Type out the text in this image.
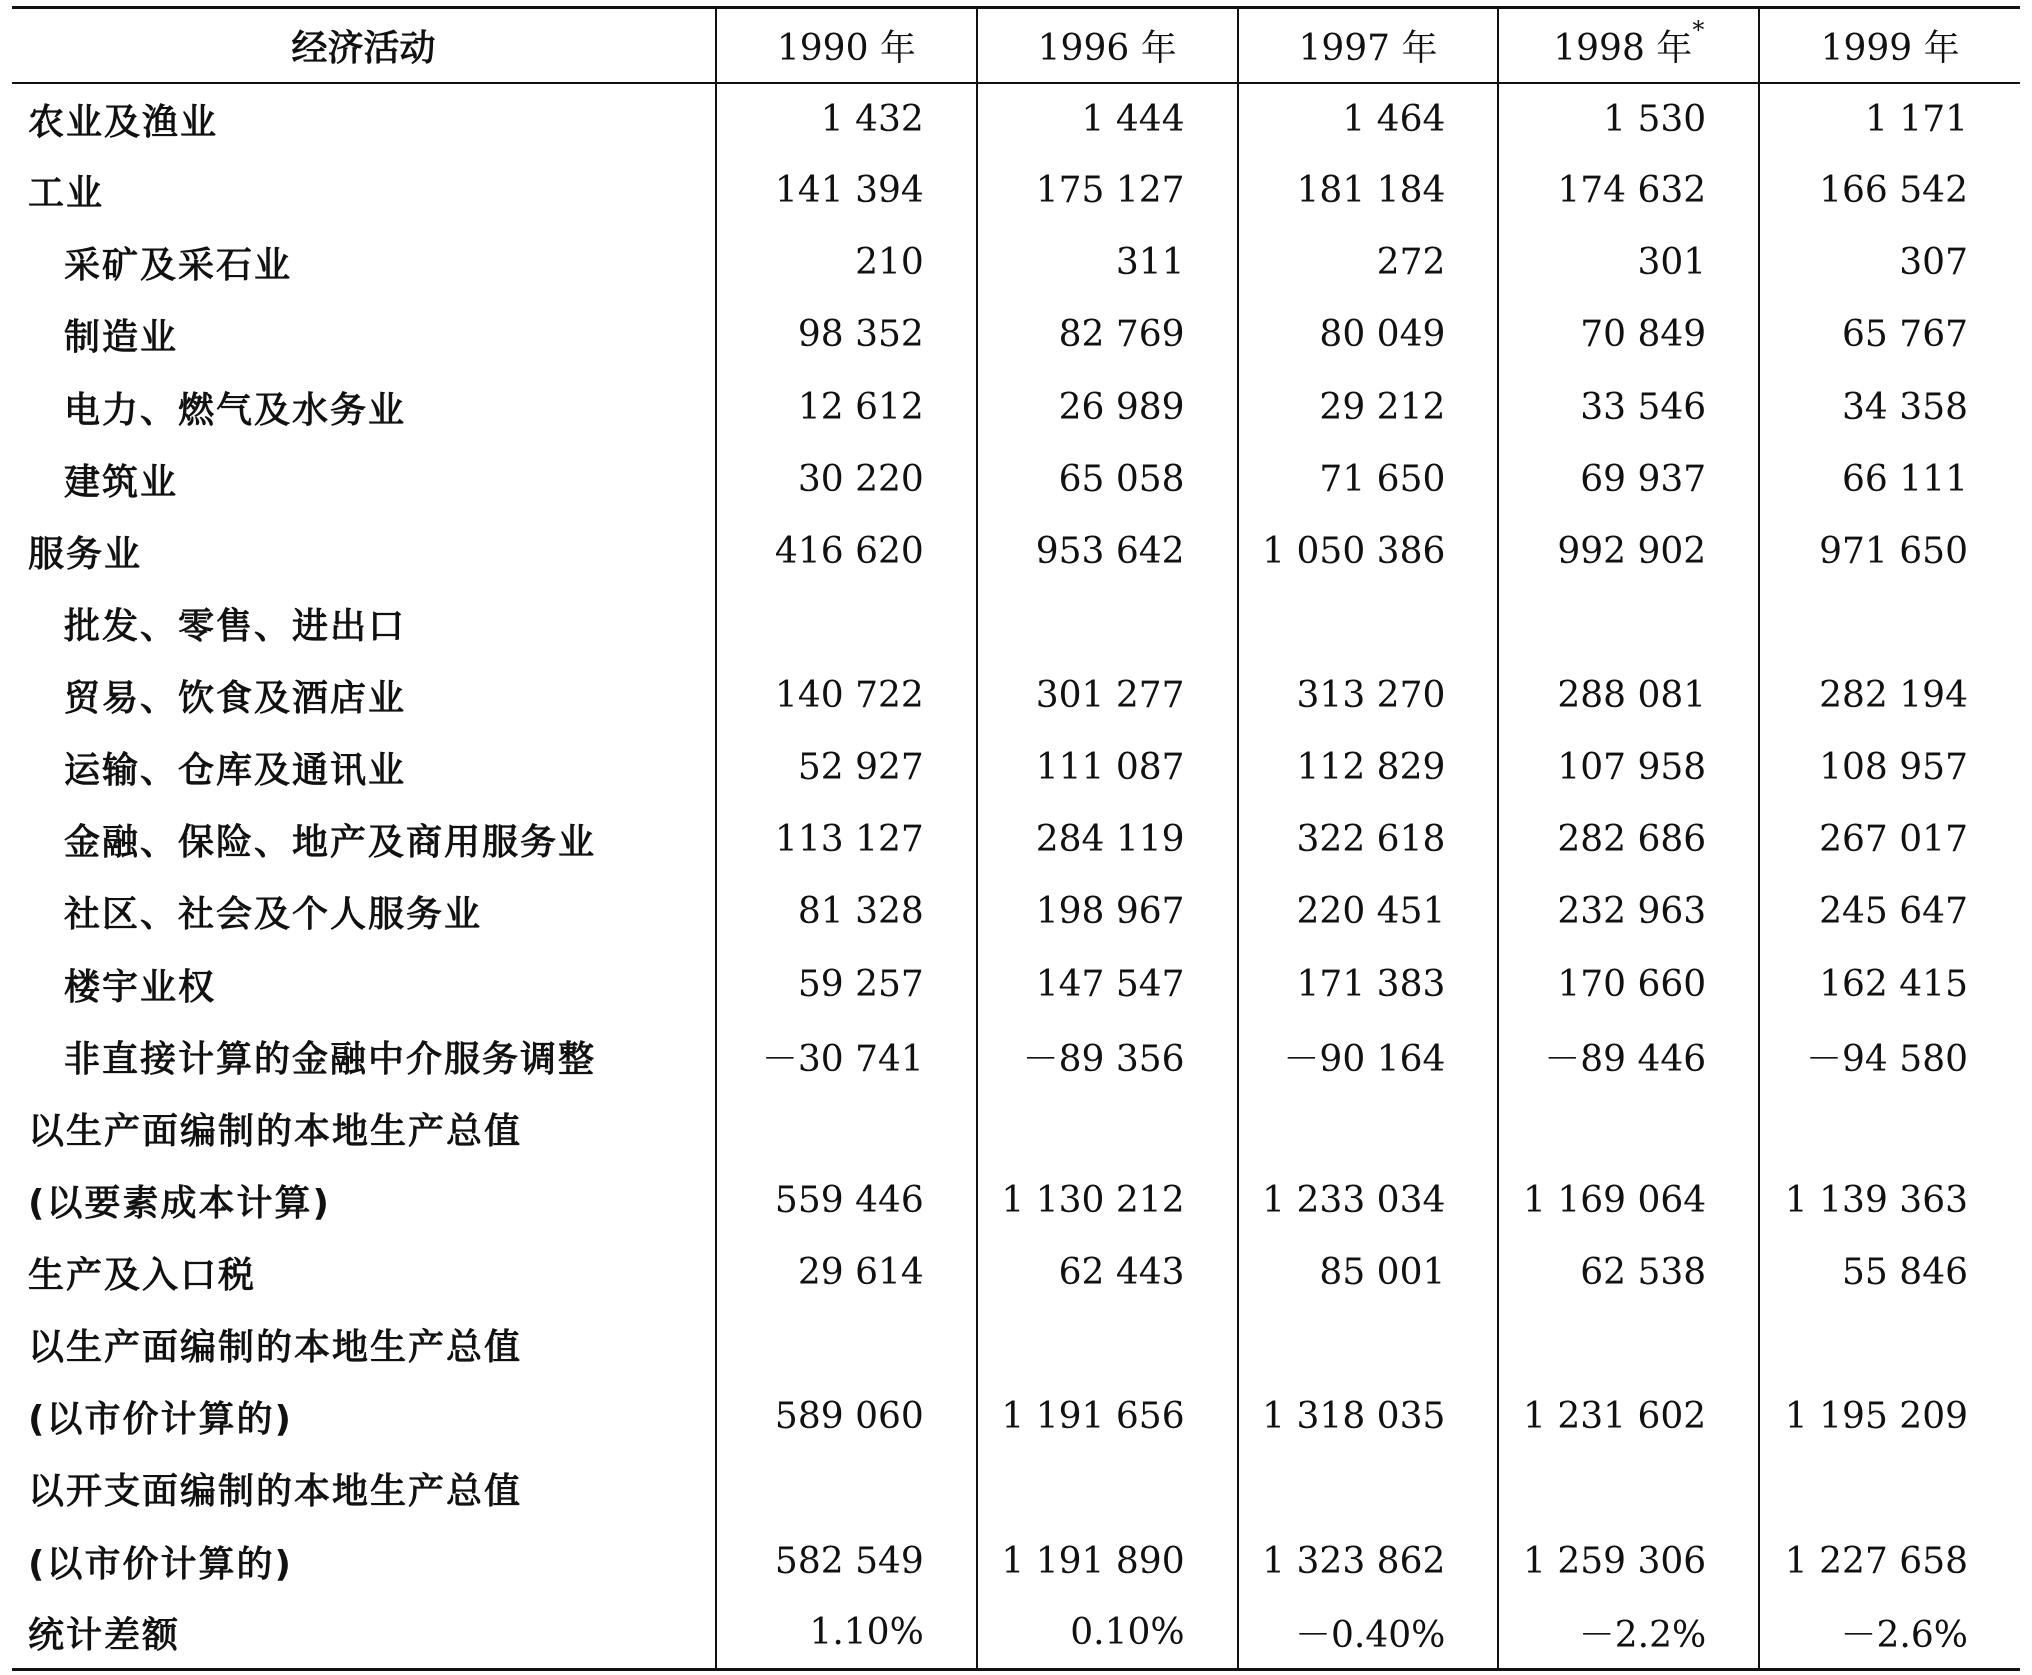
经济活动	1990 年	1996 年	1997 年	1998 年*	1999 年
农业及渔业	1 432	1 444	1 464	1 530	1 171
工业	141 394	175 127	181 184	174 632	166 542
采矿及采石业	210	311	272	301	307
制造业	98 352	82 769	80 049	70 849	65 767
电力、燃气及水务业	12 612	26 989	29 212	33 546	34 358
建筑业	30 220	65 058	71 650	69 937	66 111
服务业	416 620	953 642	1 050 386	992 902	971 650
批发、零售、进出口					
贸易、饮食及酒店业	140 722	301 277	313 270	288 081	282 194
运输、仓库及通讯业	52 927	111 087	112 829	107 958	108 957
金融、保险、地产及商用服务业	113 127	284 119	322 618	282 686	267 017
社区、社会及个人服务业	81 328	198 967	220 451	232 963	245 647
楼宇业权	59 257	147 547	171 383	170 660	162 415
非直接计算的金融中介服务调整	－30 741	－89 356	－90 164	－89 446	－94 580
以生产面编制的本地生产总值					
(以要素成本计算)	559 446	1 130 212	1 233 034	1 169 064	1 139 363
生产及入口税	29 614	62 443	85 001	62 538	55 846
以生产面编制的本地生产总值					
(以市价计算的)	589 060	1 191 656	1 318 035	1 231 602	1 195 209
以开支面编制的本地生产总值					
(以市价计算的)	582 549	1 191 890	1 323 862	1 259 306	1 227 658
统计差额	1.10%	0.10%	－0.40%	－2.2%	－2.6%
